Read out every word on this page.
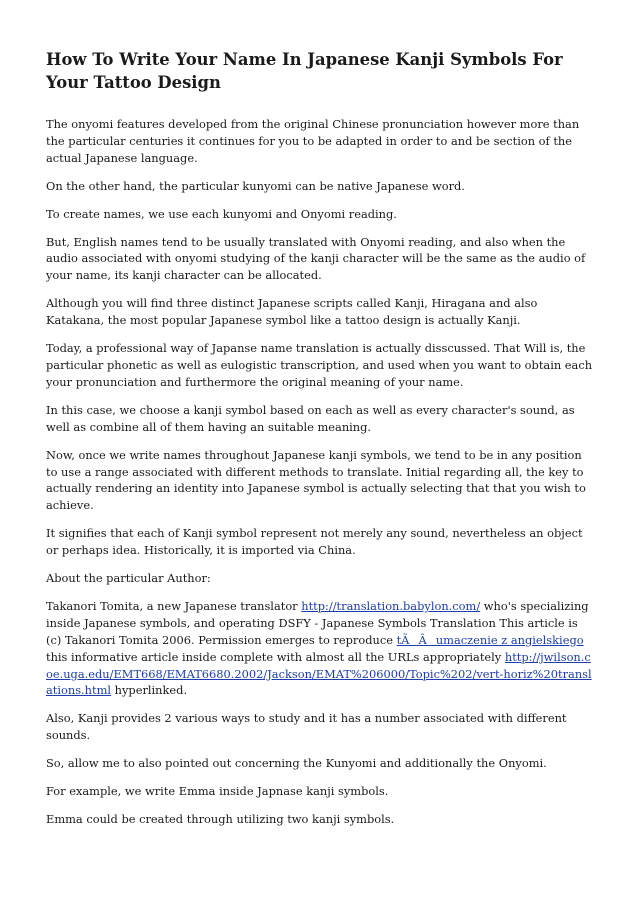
How To Write Your Name In Japanese Kanji Symbols For Your Tattoo Design

The onyomi features developed from the original Chinese pronunciation however more than the particular centuries it continues for you to be adapted in order to and be section of the actual Japanese language.

On the other hand, the particular kunyomi can be native Japanese word.

To create names, we use each kunyomi and Onyomi reading.

But, English names tend to be usually translated with Onyomi reading, and also when the audio associated with onyomi studying of the kanji character will be the same as the audio of your name, its kanji character can be allocated.

Although you will find three distinct Japanese scripts called Kanji, Hiragana and also Katakana, the most popular Japanese symbol like a tattoo design is actually Kanji.

Today, a professional way of Japanse name translation is actually disscussed. That Will is, the particular phonetic as well as eulogistic transcription, and used when you want to obtain each your pronunciation and furthermore the original meaning of your name.

In this case, we choose a kanji symbol based on each as well as every character's sound, as well as combine all of them having an suitable meaning.

Now, once we write names throughout Japanese kanji symbols, we tend to be in any position to use a range associated with different methods to translate. Initial regarding all, the key to actually rendering an identity into Japanese symbol is actually selecting that that you wish to achieve.

It signifies that each of Kanji symbol represent not merely any sound, nevertheless an object or perhaps idea. Historically, it is imported via China.

About the particular Author:

Takanori Tomita, a new Japanese translator http://translation.babylon.com/ who's specializing inside Japanese symbols, and operating DSFY - Japanese Symbols Translation This article is (c) Takanori Tomita 2006. Permission emerges to reproduce tÃÂumaczenie z angielskiego this informative article inside complete with almost all the URLs appropriately http://jwilson.coe.uga.edu/EMT668/EMAT6680.2002/Jackson/EMAT%206000/Topic%202/vert-horiz%20translations.html hyperlinked.

Also, Kanji provides 2 various ways to study and it has a number associated with different sounds.

So, allow me to also pointed out concerning the Kunyomi and additionally the Onyomi.

For example, we write Emma inside Japnase kanji symbols.

Emma could be created through utilizing two kanji symbols.
